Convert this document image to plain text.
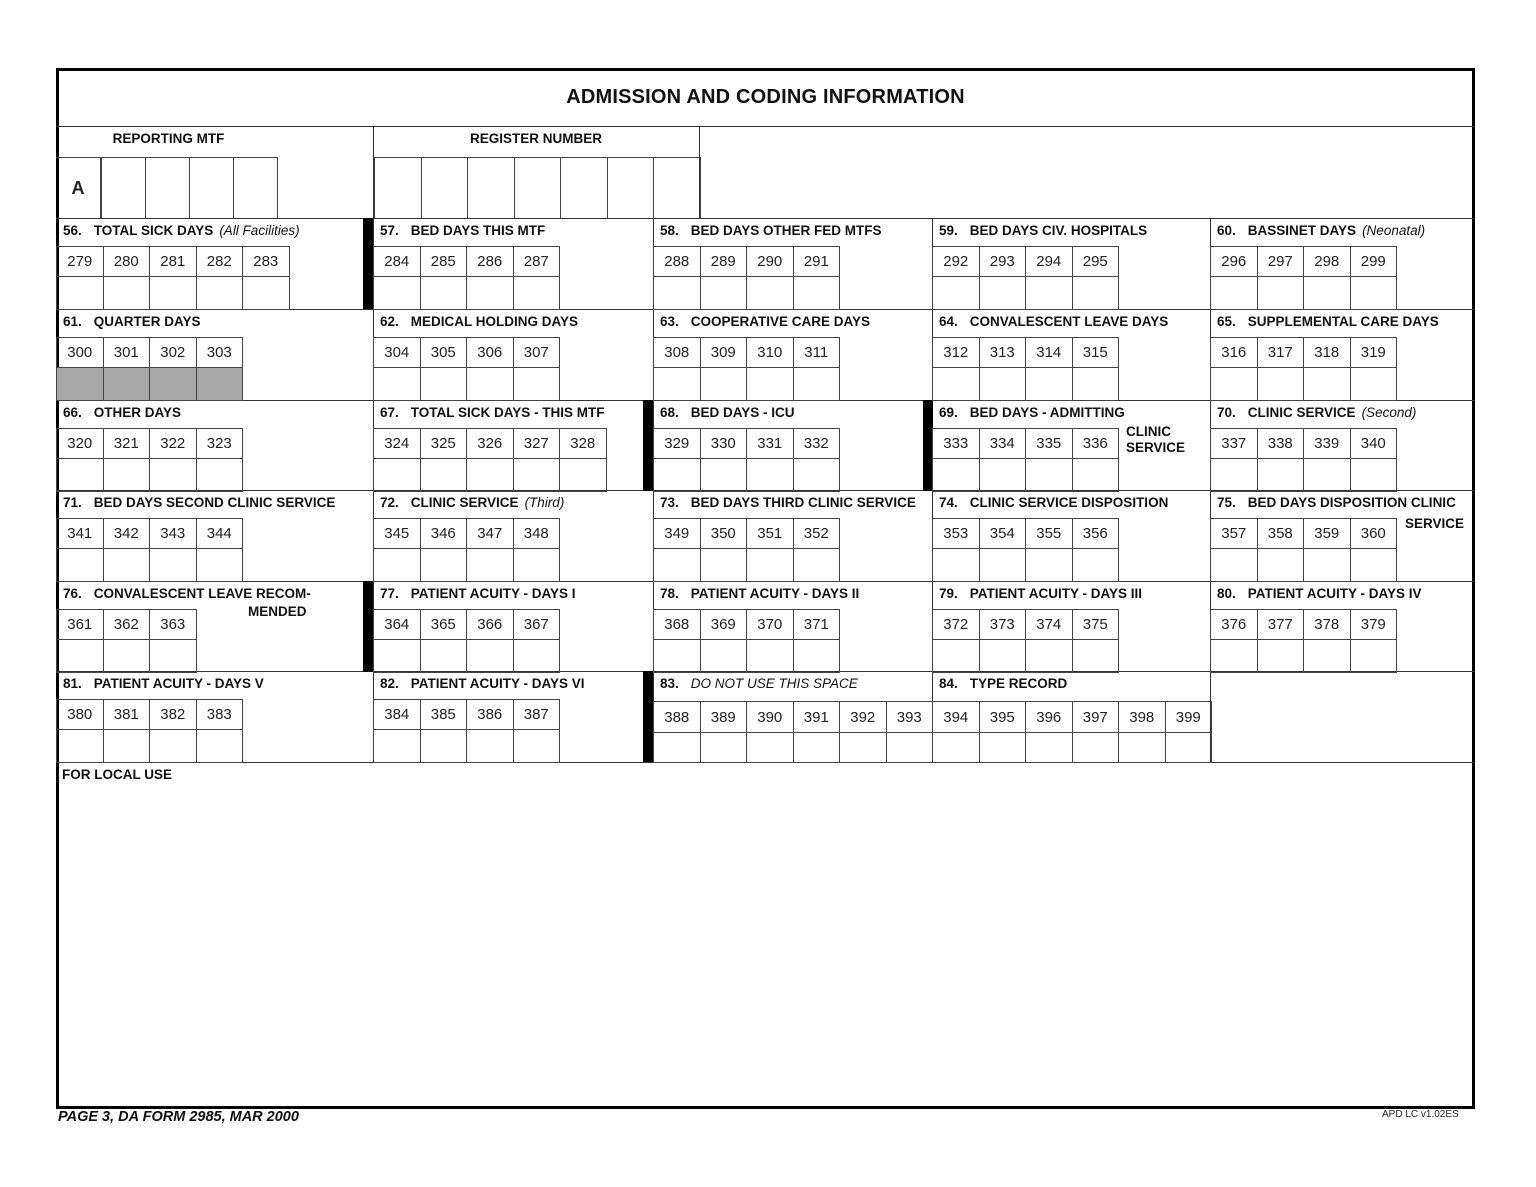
ADMISSION AND CODING INFORMATION
REPORTING MTF	REGISTER NUMBER
A
56. TOTAL SICK DAYS (All Facilities)
279	280	281	282	283
57. BED DAYS THIS MTF
284	285	286	287
58. BED DAYS OTHER FED MTFS
288	289	290	291
59. BED DAYS CIV. HOSPITALS
292	293	294	295
60. BASSINET DAYS (Neonatal)
296	297	298	299
61. QUARTER DAYS
300	301	302	303
62. MEDICAL HOLDING DAYS
304	305	306	307
63. COOPERATIVE CARE DAYS
308	309	310	311
64. CONVALESCENT LEAVE DAYS
312	313	314	315
65. SUPPLEMENTAL CARE DAYS
316	317	318	319
66. OTHER DAYS
320	321	322	323
67. TOTAL SICK DAYS - THIS MTF
324	325	326	327	328
68. BED DAYS - ICU
329	330	331	332
69. BED DAYS - ADMITTING
CLINIC SERVICE
333	334	335	336
70. CLINIC SERVICE (Second)
337	338	339	340
71. BED DAYS SECOND CLINIC SERVICE
341	342	343	344
72. CLINIC SERVICE (Third)
345	346	347	348
73. BED DAYS THIRD CLINIC SERVICE
349	350	351	352
74. CLINIC SERVICE DISPOSITION
353	354	355	356
75. BED DAYS DISPOSITION CLINIC
SERVICE
357	358	359	360
76. CONVALESCENT LEAVE RECOM-
MENDED
361	362	363
77. PATIENT ACUITY - DAYS I
364	365	366	367
78. PATIENT ACUITY - DAYS II
368	369	370	371
79. PATIENT ACUITY - DAYS III
372	373	374	375
80. PATIENT ACUITY - DAYS IV
376	377	378	379
81. PATIENT ACUITY - DAYS V
380	381	382	383
82. PATIENT ACUITY - DAYS VI
384	385	386	387
83. DO NOT USE THIS SPACE
388	389	390	391	392	393
84. TYPE RECORD
394	395	396	397	398	399
FOR LOCAL USE
PAGE 3, DA FORM 2985, MAR 2000	APD LC v1.02ES
